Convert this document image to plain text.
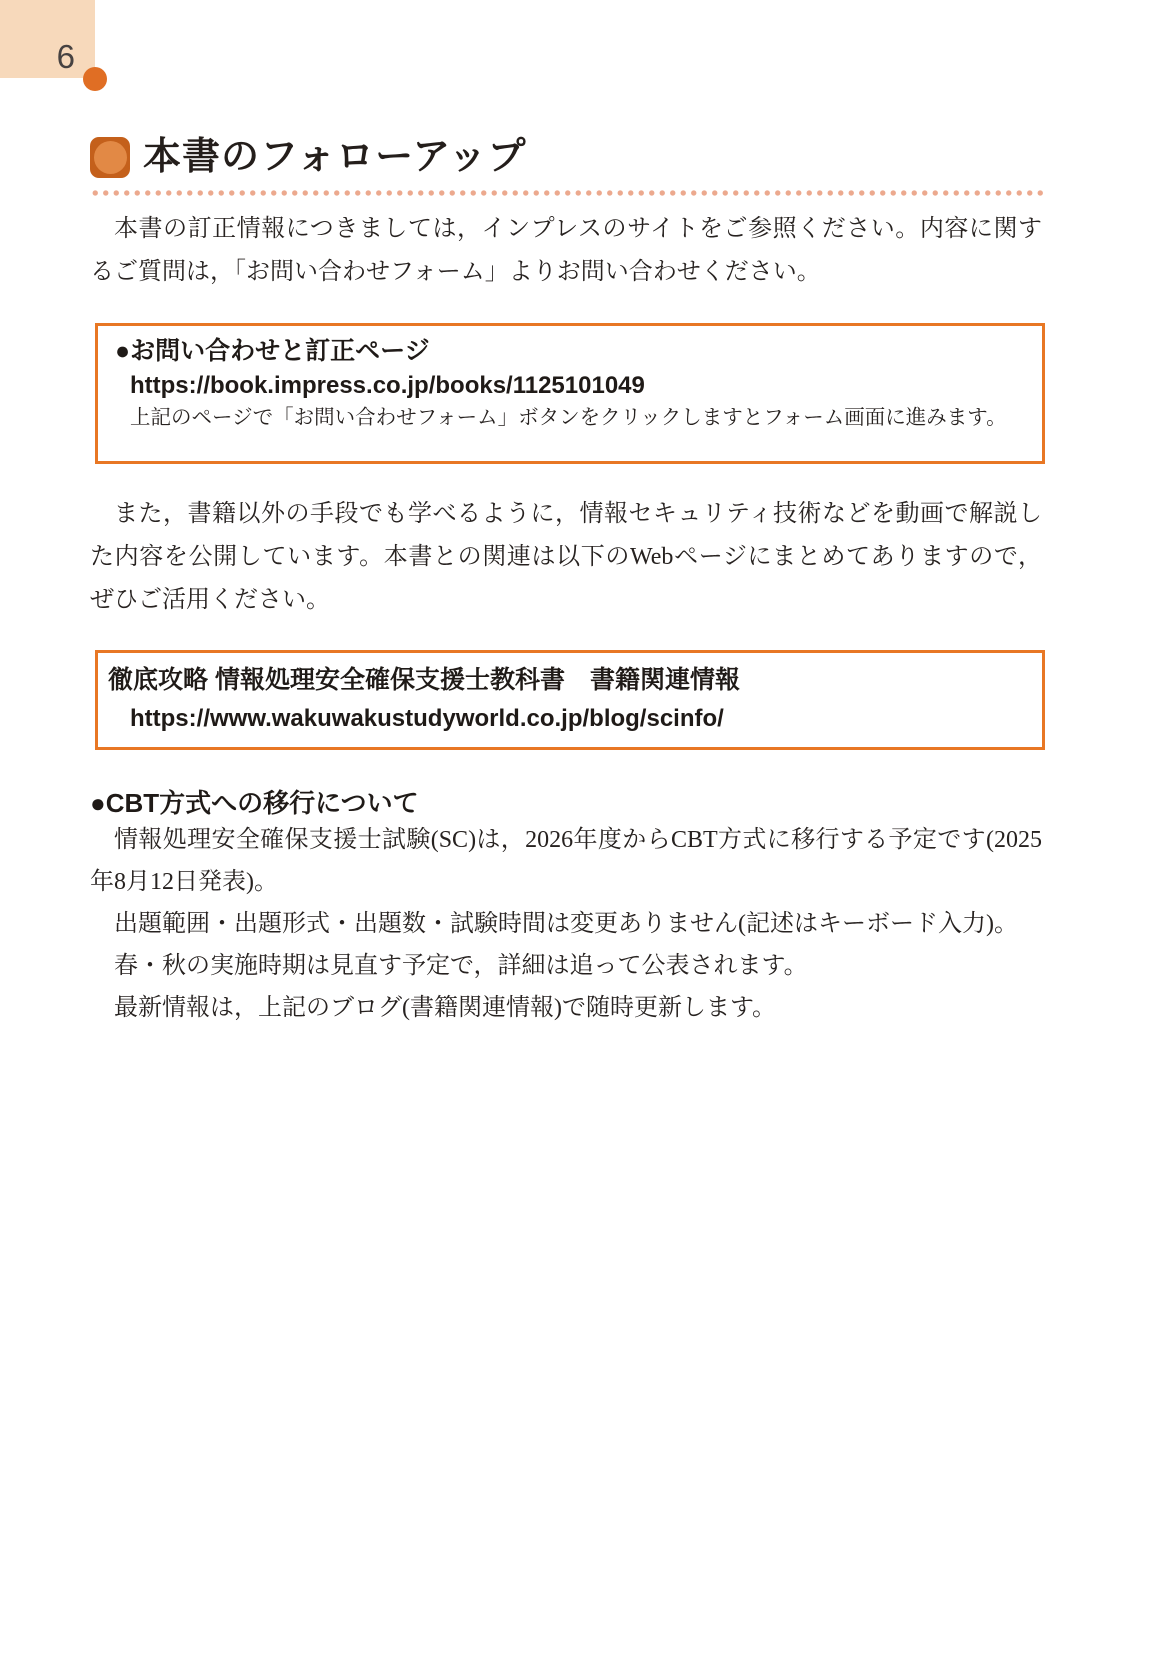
6
本書のフォローアップ

本書の訂正情報につきましては，インプレスのサイトをご参照ください。内容に関するご質問は，「お問い合わせフォーム」よりお問い合わせください。

●お問い合わせと訂正ページ
https://book.impress.co.jp/books/1125101049
上記のページで「お問い合わせフォーム」ボタンをクリックしますとフォーム画面に進みます。

また，書籍以外の手段でも学べるように，情報セキュリティ技術などを動画で解説した内容を公開しています。本書との関連は以下のWebページにまとめてありますので，ぜひご活用ください。

徹底攻略 情報処理安全確保支援士教科書　書籍関連情報
https://www.wakuwakustudyworld.co.jp/blog/scinfo/
●CBT方式への移行について

情報処理安全確保支援士試験(SC)は，2026年度からCBT方式に移行する予定です(2025年8月12日発表)。

出題範囲・出題形式・出題数・試験時間は変更ありません(記述はキーボード入力)。

春・秋の実施時期は見直す予定で，詳細は追って公表されます。

最新情報は，上記のブログ(書籍関連情報)で随時更新します。
